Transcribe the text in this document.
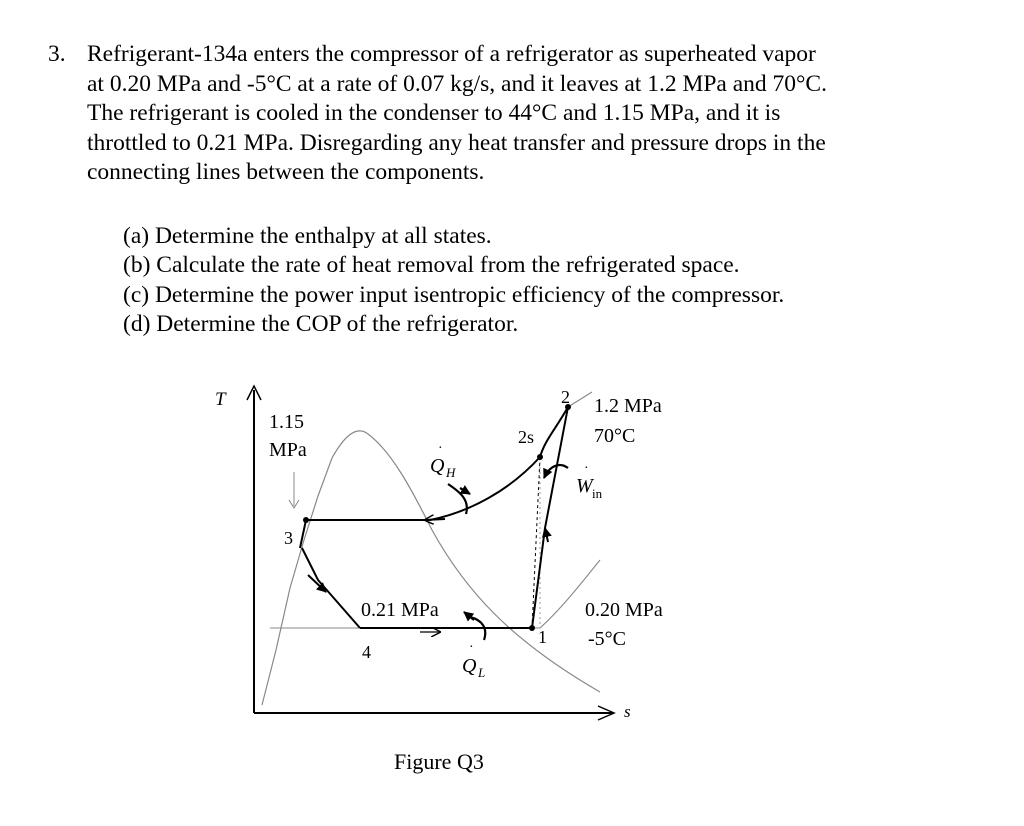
3. Refrigerant-134a enters the compressor of a refrigerator as superheated vapor

at 0.20 MPa and -5°C at a rate of 0.07 kg/s, and it leaves at 1.2 MPa and 70°C.

The refrigerant is cooled in the condenser to 44°C and 1.15 MPa, and it is

throttled to 0.21 MPa. Disregarding any heat transfer and pressure drops in the

connecting lines between the components.

(a) Determine the enthalpy at all states.
(b) Calculate the rate of heat removal from the refrigerated space.
(c) Determine the power input isentropic efficiency of the compressor.
(d) Determine the COP of the refrigerator.
T
s
1.15
MPa
3
4
1
2
2s
1.2 MPa
70°C
0.21 MPa	0.20 MPa
-5°C
·
Q H
·
Q L
·
W in
Figure Q3
